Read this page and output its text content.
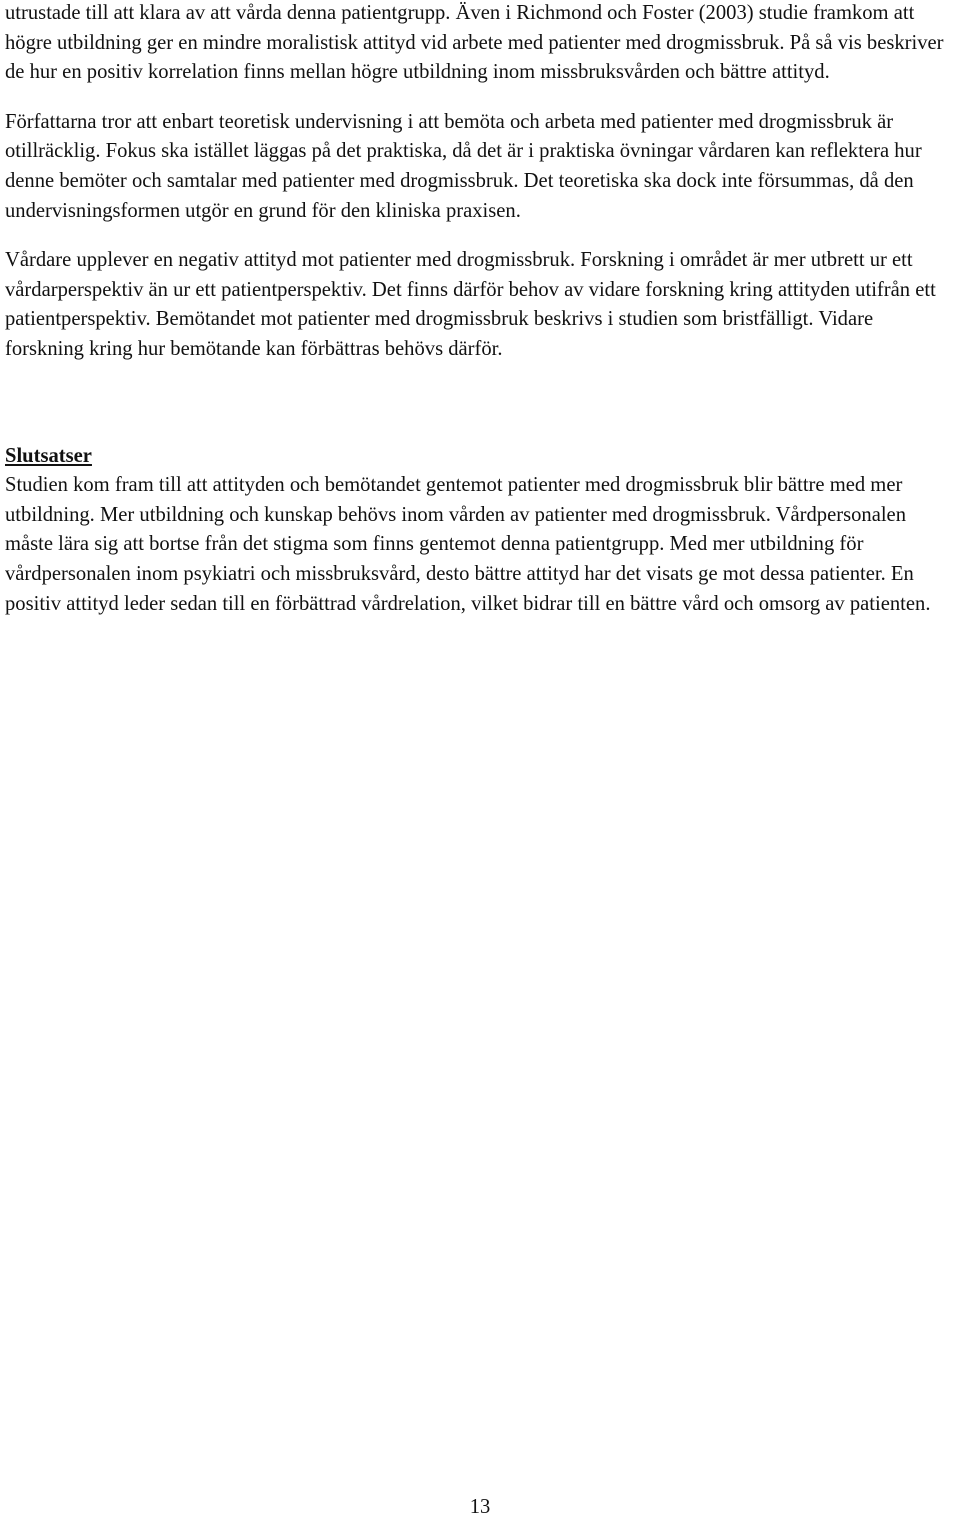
utrustade till att klara av att vårda denna patientgrupp. Även i Richmond och Foster (2003) studie framkom att högre utbildning ger en mindre moralistisk attityd vid arbete med patienter med drogmissbruk. På så vis beskriver de hur en positiv korrelation finns mellan högre utbildning inom missbruksvården och bättre attityd.

Författarna tror att enbart teoretisk undervisning i att bemöta och arbeta med patienter med drogmissbruk är otillräcklig. Fokus ska istället läggas på det praktiska, då det är i praktiska övningar vårdaren kan reflektera hur denne bemöter och samtalar med patienter med drogmissbruk. Det teoretiska ska dock inte försummas, då den undervisningsformen utgör en grund för den kliniska praxisen.

Vårdare upplever en negativ attityd mot patienter med drogmissbruk. Forskning i området är mer utbrett ur ett vårdarperspektiv än ur ett patientperspektiv. Det finns därför behov av vidare forskning kring attityden utifrån ett patientperspektiv. Bemötandet mot patienter med drogmissbruk beskrivs i studien som bristfälligt. Vidare forskning kring hur bemötande kan förbättras behövs därför.

Slutsatser

Studien kom fram till att attityden och bemötandet gentemot patienter med drogmissbruk blir bättre med mer utbildning. Mer utbildning och kunskap behövs inom vården av patienter med drogmissbruk. Vårdpersonalen måste lära sig att bortse från det stigma som finns gentemot denna patientgrupp. Med mer utbildning för vårdpersonalen inom psykiatri och missbruksvård, desto bättre attityd har det visats ge mot dessa patienter. En positiv attityd leder sedan till en förbättrad vårdrelation, vilket bidrar till en bättre vård och omsorg av patienten.

13
